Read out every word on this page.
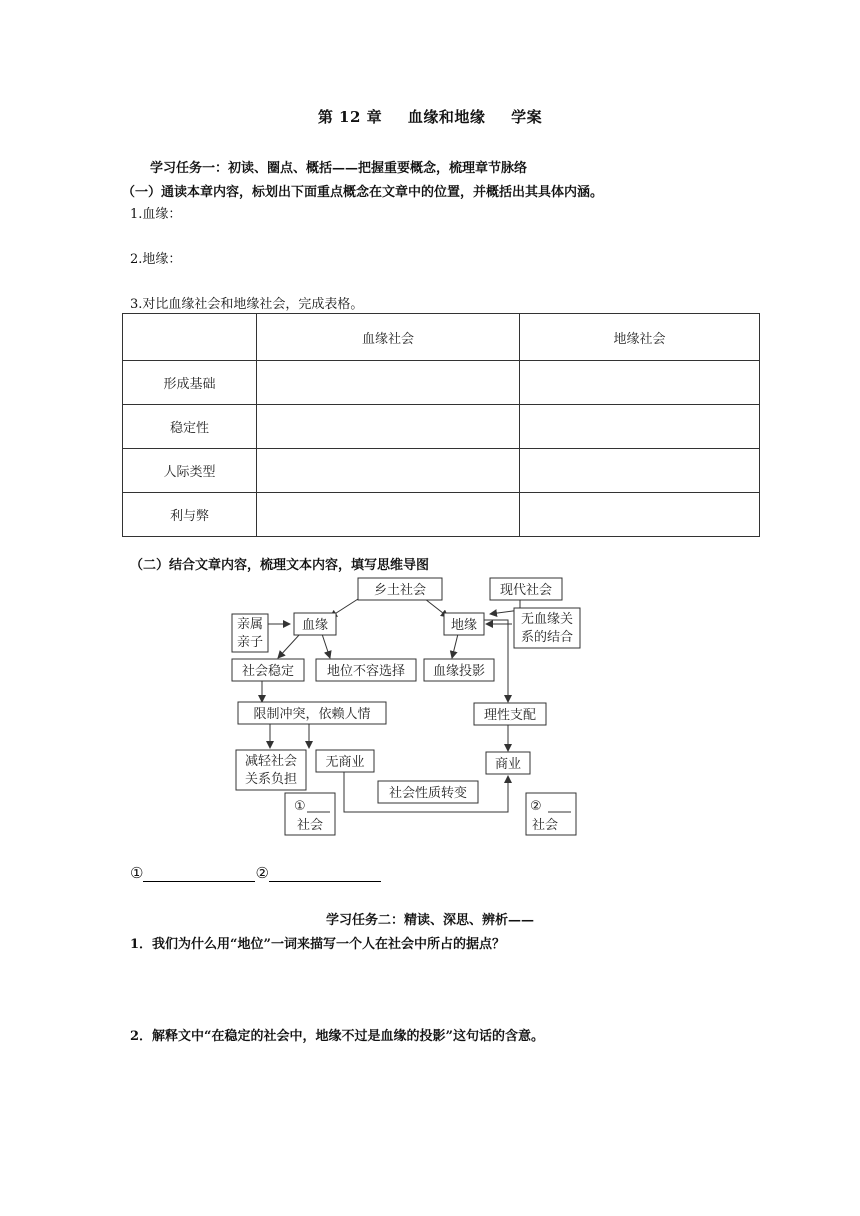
第 12 章 血缘和地缘 学案
学习任务一：初读、圈点、概括——把握重要概念，梳理章节脉络
（一）通读本章内容，标划出下面重点概念在文章中的位置，并概括出其具体内涵。
1.血缘：
2.地缘：
3.对比血缘社会和地缘社会，完成表格。
	血缘社会	地缘社会
形成基础		
稳定性		
人际类型		
利与弊		
（二）结合文章内容，梳理文本内容，填写思维导图
乡土社会	现代社会
亲属
亲子
血缘	地缘	无血缘关
系的结合
社会稳定	地位不容选择 血缘投影
限制冲突，依赖人情	理性支配
减轻社会
关系负担
无商业	商业
社会性质转变
①
社会
②
社会
①	②
学习任务二：精读、深思、辨析——
1．我们为什么用“地位”一词来描写一个人在社会中所占的据点？
2．解释文中“在稳定的社会中，地缘不过是血缘的投影”这句话的含意。
